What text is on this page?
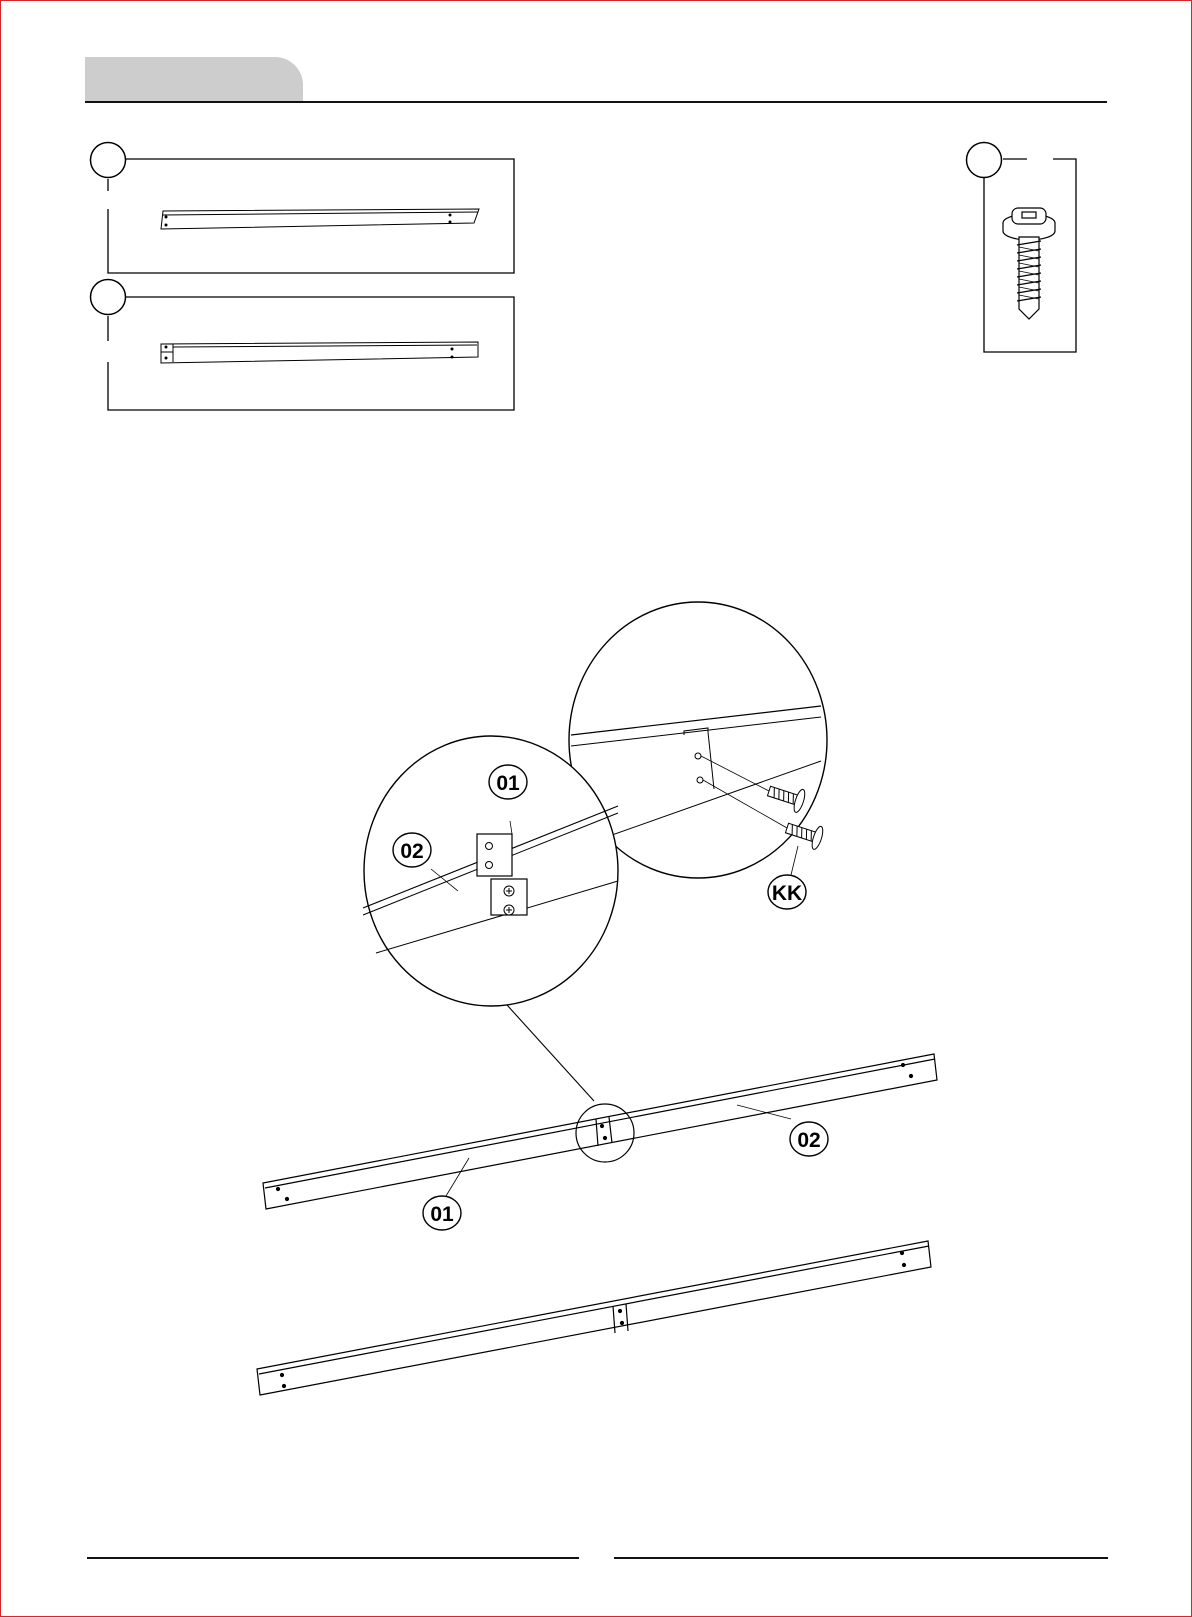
01
02
KK
01
02
